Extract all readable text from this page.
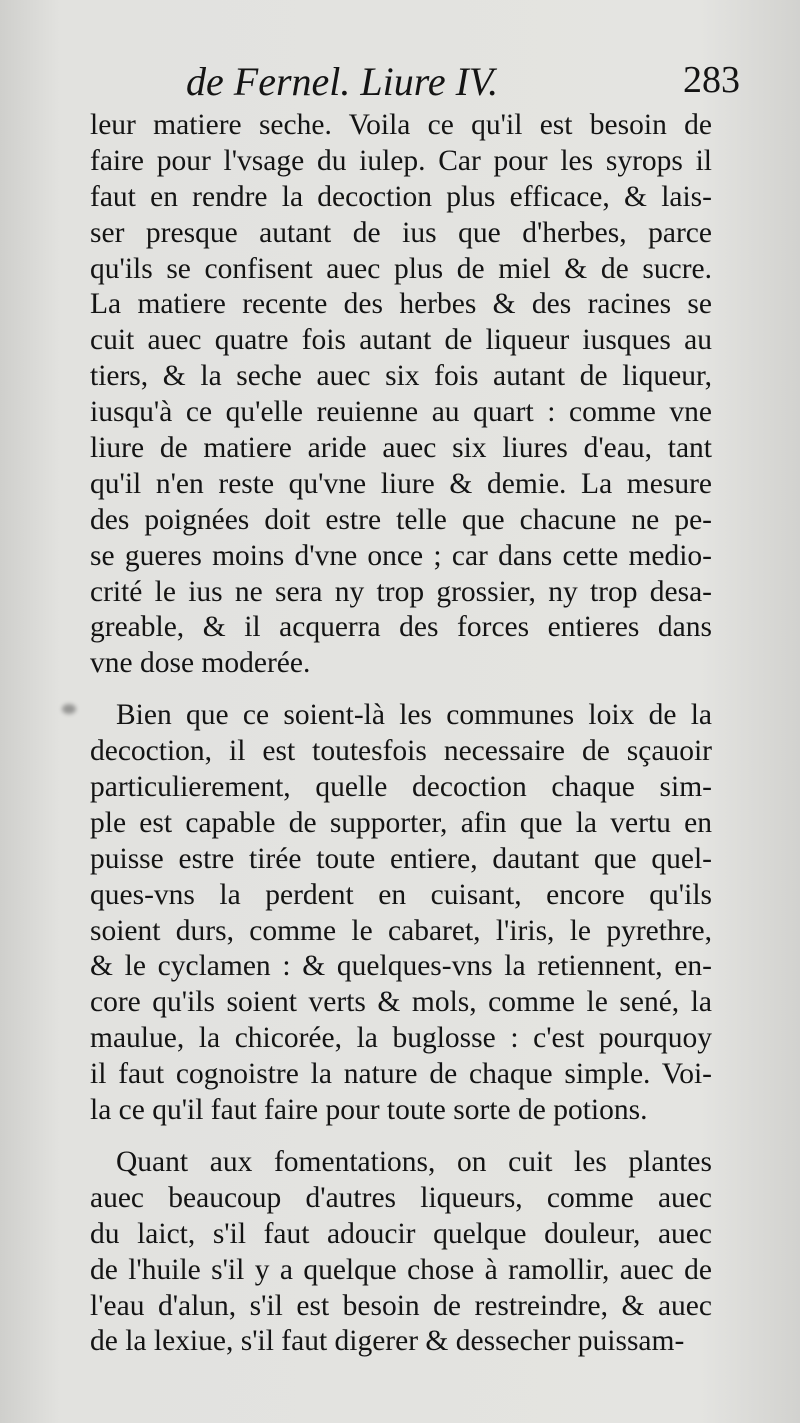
de Fernel. Liure IV.	283
leur matiere seche. Voila ce qu'il est besoin de
faire pour l'vsage du iulep. Car pour les syrops il
faut en rendre la decoction plus efficace, & lais-
ser presque autant de ius que d'herbes, parce
qu'ils se confisent auec plus de miel & de sucre.
La matiere recente des herbes & des racines se
cuit auec quatre fois autant de liqueur iusques au
tiers, & la seche auec six fois autant de liqueur,
iusqu'à ce qu'elle reuienne au quart : comme vne
liure de matiere aride auec six liures d'eau, tant
qu'il n'en reste qu'vne liure & demie. La mesure
des poignées doit estre telle que chacune ne pe-
se gueres moins d'vne once ; car dans cette medio-
crité le ius ne sera ny trop grossier, ny trop desa-
greable, & il acquerra des forces entieres dans
vne dose moderée.
Bien que ce soient-là les communes loix de la
decoction, il est toutesfois necessaire de sçauoir
particulierement, quelle decoction chaque sim-
ple est capable de supporter, afin que la vertu en
puisse estre tirée toute entiere, dautant que quel-
ques-vns la perdent en cuisant, encore qu'ils
soient durs, comme le cabaret, l'iris, le pyrethre,
& le cyclamen : & quelques-vns la retiennent, en-
core qu'ils soient verts & mols, comme le sené, la
maulue, la chicorée, la buglosse : c'est pourquoy
il faut cognoistre la nature de chaque simple. Voi-
la ce qu'il faut faire pour toute sorte de potions.
Quant aux fomentations, on cuit les plantes
auec beaucoup d'autres liqueurs, comme auec
du laict, s'il faut adoucir quelque douleur, auec
de l'huile s'il y a quelque chose à ramollir, auec de
l'eau d'alun, s'il est besoin de restreindre, & auec
de la lexiue, s'il faut digerer & dessecher puissam-
